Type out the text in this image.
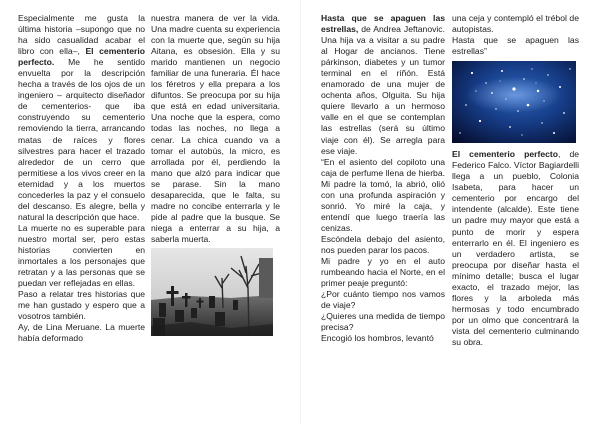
Especialmente me gusta la última historia –supongo que no ha sido casualidad acabar el libro con ella–, El cementerio perfecto. Me he sentido envuelta por la descripción hecha a través de los ojos de un ingeniero – arquitecto diseñador de cementerios- que iba construyendo su cementerio removiendo la tierra, arrancando matas de raíces y flores silvestres para hacer el trazado alrededor de un cerro que permitiese a los vivos creer en la eternidad y a los muertos concederles la paz y el consuelo del descanso. Es alegre, bella y natural la descripción que hace.

La muerte no es superable para nuestro mortal ser, pero estas historias convierten en inmortales a los personajes que retratan y a las personas que se puedan ver reflejadas en ellas.

Paso a relatar tres historias que me han gustado y espero que a vosotros también.

Ay, de Lina Meruane. La muerte había deformado

nuestra manera de ver la vida. Una madre cuenta su experiencia con la muerte que, según su hija Aitana, es obsesión. Ella y su marido mantienen un negocio familiar de una funeraria. Él hace los féretros y ella prepara a los difuntos. Se preocupa por su hija que está en edad universitaria. Una noche que la espera, como todas las noches, no llega a cenar. La chica cuando va a tomar el autobús, la micro, es arrollada por él, perdiendo la mano que alzó para indicar que se parase. Sin la mano desaparecida, que le falta, su madre no concibe enterrarla y le pide al padre que la busque. Se niega a enterrar a su hija, a saberla muerta.

Hasta que se apaguen las estrellas, de Andrea Jeftanovic. Una hija va a visitar a su padre al Hogar de ancianos. Tiene párkinson, diabetes y un tumor terminal en el riñón. Está enamorado de una mujer de ochenta años, Olguita. Su hija quiere llevarlo a un hermoso valle en el que se contemplan las estrellas (será su último viaje con él). Se arregla para ese viaje.

“En el asiento del copiloto una caja de perfume llena de hierba. Mi padre la tomó, la abrió, olió con una profunda aspiración y sonrió. Yo miré la caja, y entendí que luego traería las cenizas.

Escóndela debajo del asiento, nos pueden parar los pacos.

Mi padre y yo en el auto rumbeando hacia el Norte, en el primer peaje preguntó:

¿Por cuánto tiempo nos vamos de viaje?

¿Quieres una medida de tiempo precisa?

Encogió los hombros, levantó

una ceja y contempló el trébol de autopistas.

Hasta que se apaguen las estrellas”

El cementerio perfecto, de Federico Falco. Víctor Bagiardelli llega a un pueblo, Colonia Isabeta, para hacer un cementerio por encargo del intendente (alcalde). Este tiene un padre muy mayor que está a punto de morir y espera enterrarlo en él. El ingeniero es un verdadero artista, se preocupa por diseñar hasta el mínimo detalle; busca el lugar exacto, el trazado mejor, las flores y la arboleda más hermosas y todo encumbrado por un olmo que concentrará la vista del cementerio culminando su obra.
